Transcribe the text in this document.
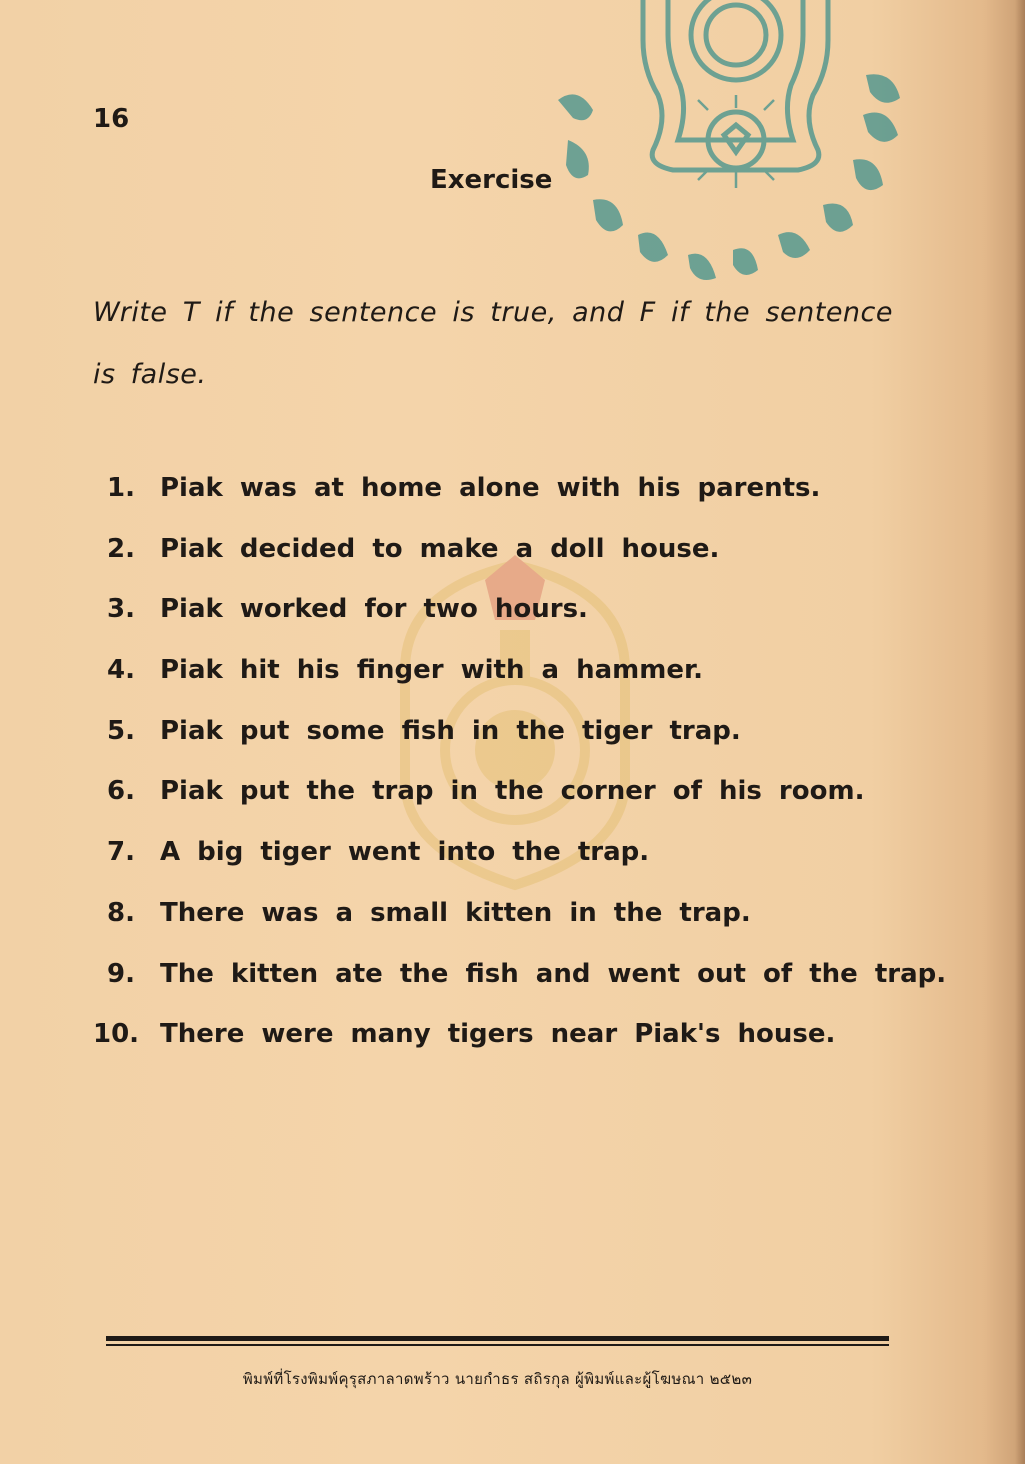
16
Exercise

Write T if the sentence is true, and F if the sentence is false.

1. Piak was at home alone with his parents.
2. Piak decided to make a doll house.
3. Piak worked for two hours.
4. Piak hit his finger with a hammer.
5. Piak put some fish in the tiger trap.
6. Piak put the trap in the corner of his room.
7. A big tiger went into the trap.
8. There was a small kitten in the trap.
9. The kitten ate the fish and went out of the trap.
10. There were many tigers near Piak's house.

พิมพ์ที่โรงพิมพ์คุรุสภาลาดพร้าว นายกำธร สถิรกุล ผู้พิมพ์และผู้โฆษณา ๒๕๒๓
